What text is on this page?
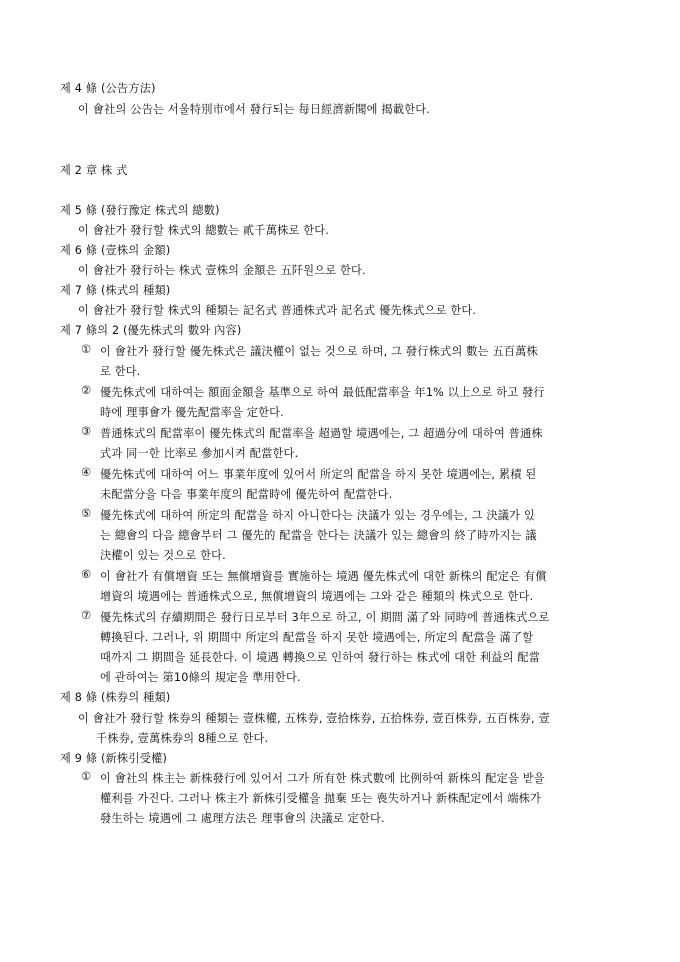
제 4 條 (公告方法)
이 會社의 公告는 서울特別市에서 發行되는 每日經濟新聞에 揭載한다.
제 2 章 株 式
제 5 條 (發行豫定 株式의 總數)
이 會社가 發行할 株式의 總數는 貳千萬株로 한다.
제 6 條 (壹株의 金額)
이 會社가 發行하는 株式 壹株의 金額은 五阡원으로 한다.
제 7 條 (株式의 種類)
이 會社가 發行할 株式의 種類는 記名式 普通株式과 記名式 優先株式으로 한다.
제 7 條의 2 (優先株式의 數와 內容)
① 이 會社가 發行할 優先株式은 議決權이 없는 것으로 하며, 그 發行株式의 數는 五百萬株
로 한다.
② 優先株式에 대하여는 額面金額을 基準으로 하여 最低配當率을 年1% 以上으로 하고 發行
時에 理事會가 優先配當率을 定한다.
③ 普通株式의 配當率이 優先株式의 配當率을 超過할 境遇에는, 그 超過分에 대하여 普通株
式과 同一한 比率로 參加시켜 配當한다.
④ 優先株式에 대하여 어느 事業年度에 있어서 所定의 配當을 하지 못한 境遇에는, 累積 된
未配當分을 다음 事業年度의 配當時에 優先하여 配當한다.
⑤ 優先株式에 대하여 所定의 配當을 하지 아니한다는 決議가 있는 경우에는, 그 決議가 있
는 總會의 다음 總會부터 그 優先的 配當을 한다는 決議가 있는 總會의 終了時까지는 議
決權이 있는 것으로 한다.
⑥ 이 會社가 有償增資 또는 無償增資를 實施하는 境遇 優先株式에 대한 新株의 配定은 有償
增資의 境遇에는 普通株式으로, 無償增資의 境遇에는 그와 같은 種類의 株式으로 한다.
⑦ 優先株式의 存續期間은 發行日로부터 3年으로 하고, 이 期間 滿了와 同時에 普通株式으로
轉換된다. 그러나, 위 期間中 所定의 配當을 하지 못한 境遇에는, 所定의 配當을 滿了할
때까지 그 期間을 延長한다. 이 境遇 轉換으로 인하여 發行하는 株式에 대한 利益의 配當
에 관하여는 第10條의 規定을 準用한다.
제 8 條 (株券의 種類)
이 會社가 發行할 株券의 種類는 壹株權, 五株券, 壹拾株券, 五拾株券, 壹百株券, 五百株券, 壹
千株券, 壹萬株券의 8種으로 한다.
제 9 條 (新株引受權)
① 이 會社의 株主는 新株發行에 있어서 그가 所有한 株式數에 比例하여 新株의 配定을 받을
權利를 가진다. 그러나 株主가 新株引受權을 拋棄 또는 喪失하거나 新株配定에서 端株가
發生하는 境遇에 그 處理方法은 理事會의 決議로 定한다.
